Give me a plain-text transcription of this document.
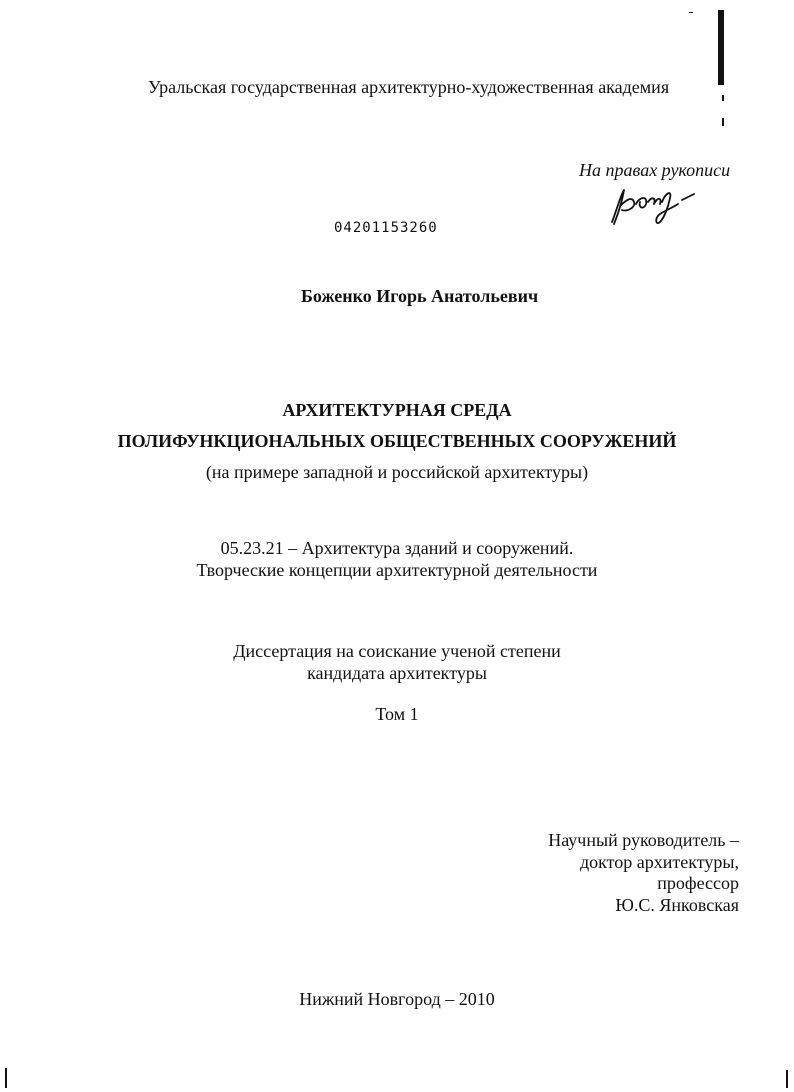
Уральская государственная архитектурно-художественная академия
На правах рукописи
04201153260
Боженко Игорь Анатольевич
АРХИТЕКТУРНАЯ СРЕДА
ПОЛИФУНКЦИОНАЛЬНЫХ ОБЩЕСТВЕННЫХ СООРУЖЕНИЙ
(на примере западной и российской архитектуры)
05.23.21 – Архитектура зданий и сооружений.
Творческие концепции архитектурной деятельности
Диссертация на соискание ученой степени
кандидата архитектуры
Том 1
Научный руководитель –
доктор архитектуры,
профессор
Ю.С. Янковская
Нижний Новгород – 2010
